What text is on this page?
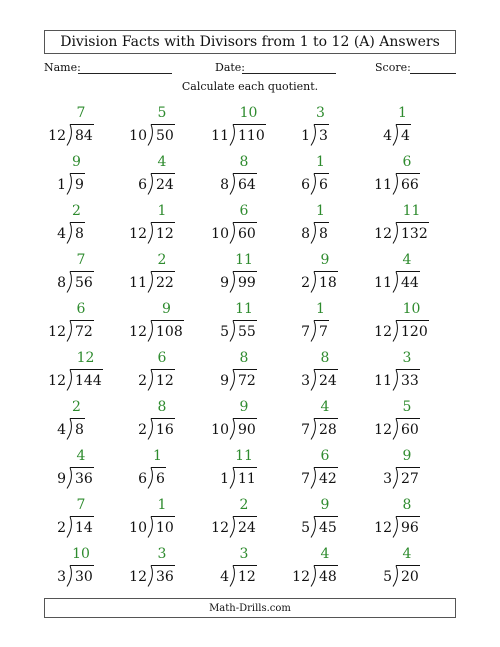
Division Facts with Divisors from 1 to 12 (A) Answers
Name:	Date:	Score:
Calculate each quotient.
7
12 84
5
10 50
10
11 110
3
1 3
1
4 4
9
1 9
4
6 24
8
8 64
1
6 6
6
11 66
2
4 8
1
12 12
6
10 60
1
8 8
11
12 132
7
8 56
2
11 22
11
9 99
9
2 18
4
11 44
6
12 72
9
12 108
11
5 55
1
7 7
10
12 120
12
12 144
6
2 12
8
9 72
8
3 24
3
11 33
2
4 8
8
2 16
9
10 90
4
7 28
5
12 60
4
9 36
1
6 6
11
1 11
6
7 42
9
3 27
7
2 14
1
10 10
2
12 24
9
5 45
8
12 96
10
3 30
3
12 36
3
4 12
4
12 48
4
5 20
Math-Drills.com
